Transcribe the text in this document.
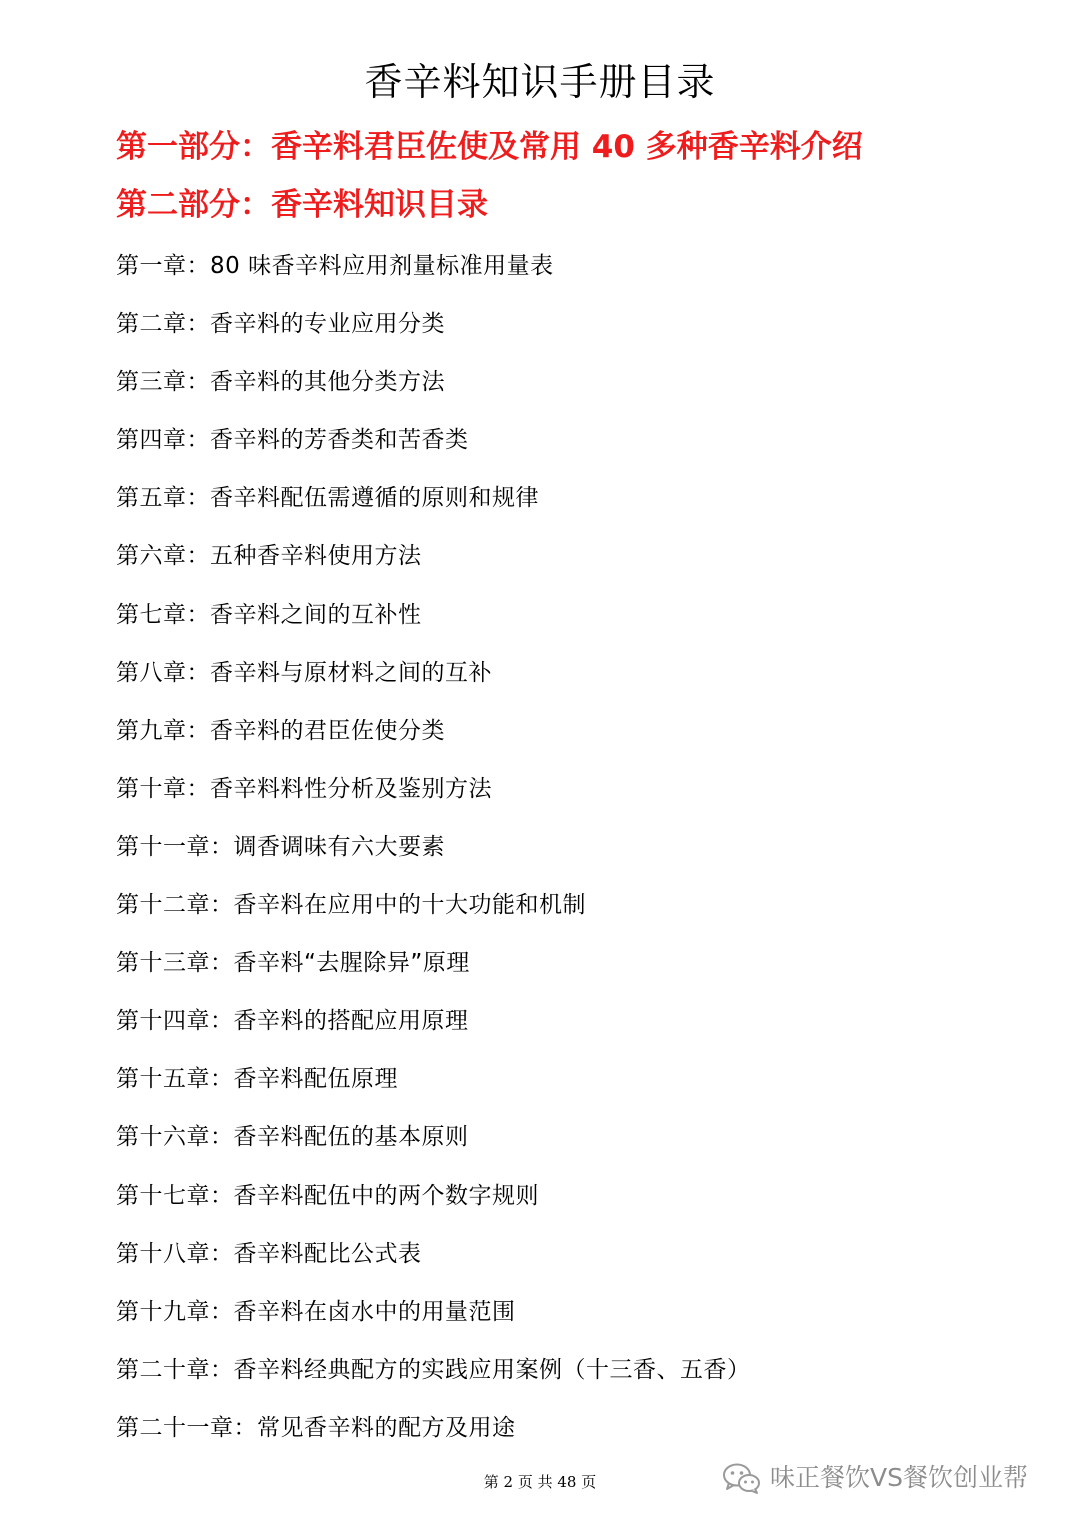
香辛料知识手册目录
第一部分：香辛料君臣佐使及常用 40 多种香辛料介绍
第二部分：香辛料知识目录
第一章：80 味香辛料应用剂量标准用量表
第二章：香辛料的专业应用分类
第三章：香辛料的其他分类方法
第四章：香辛料的芳香类和苦香类
第五章：香辛料配伍需遵循的原则和规律
第六章：五种香辛料使用方法
第七章：香辛料之间的互补性
第八章：香辛料与原材料之间的互补
第九章：香辛料的君臣佐使分类
第十章：香辛料料性分析及鉴别方法
第十一章：调香调味有六大要素
第十二章：香辛料在应用中的十大功能和机制
第十三章：香辛料“去腥除异”原理
第十四章：香辛料的搭配应用原理
第十五章：香辛料配伍原理
第十六章：香辛料配伍的基本原则
第十七章：香辛料配伍中的两个数字规则
第十八章：香辛料配比公式表
第十九章：香辛料在卤水中的用量范围
第二十章：香辛料经典配方的实践应用案例（十三香、五香）
第二十一章：常见香辛料的配方及用途
第 2 页 共 48 页	味正餐饮VS餐饮创业帮
